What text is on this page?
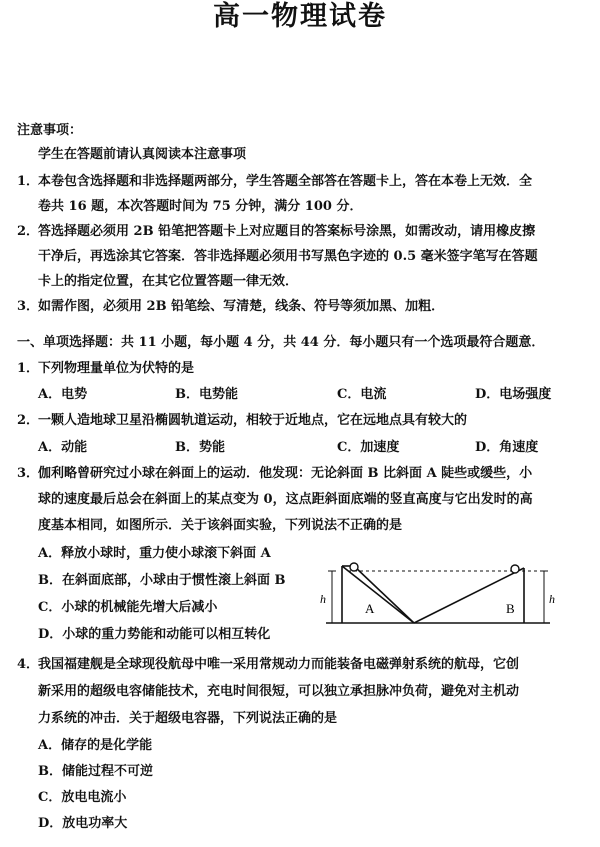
高一物理试卷
注意事项：
学生在答题前请认真阅读本注意事项
1．
本卷包含选择题和非选择题两部分，学生答题全部答在答题卡上，答在本卷上无效．全
卷共 16 题，本次答题时间为 75 分钟，满分 100 分．
2．
答选择题必须用 2B 铅笔把答题卡上对应题目的答案标号涂黑，如需改动，请用橡皮擦
干净后，再选涂其它答案．答非选择题必须用书写黑色字迹的 0.5 毫米签字笔写在答题
卡上的指定位置，在其它位置答题一律无效．
3．
如需作图，必须用 2B 铅笔绘、写清楚，线条、符号等须加黑、加粗．
一、单项选择题：共 11 小题，每小题 4 分，共 44 分．每小题只有一个选项最符合题意．
1．
下列物理量单位为伏特的是
A．电势	B．电势能	C．电流	D．电场强度
2．
一颗人造地球卫星沿椭圆轨道运动，相较于近地点，它在远地点具有较大的
A．动能	B．势能	C．加速度	D．角速度
3．
伽利略曾研究过小球在斜面上的运动．他发现：无论斜面 B 比斜面 A 陡些或缓些，小
球的速度最后总会在斜面上的某点变为 0，这点距斜面底端的竖直高度与它出发时的高
度基本相同，如图所示．关于该斜面实验，下列说法不正确的是
A．释放小球时，重力使小球滚下斜面 A
B．在斜面底部，小球由于惯性滚上斜面 B
C．小球的机械能先增大后减小
D．小球的重力势能和动能可以相互转化
h	h
A	B
4．
我国福建舰是全球现役航母中唯一采用常规动力而能装备电磁弹射系统的航母，它创
新采用的超级电容储能技术，充电时间很短，可以独立承担脉冲负荷，避免对主机动
力系统的冲击．关于超级电容器，下列说法正确的是
A．储存的是化学能
B．储能过程不可逆
C．放电电流小
D．放电功率大
